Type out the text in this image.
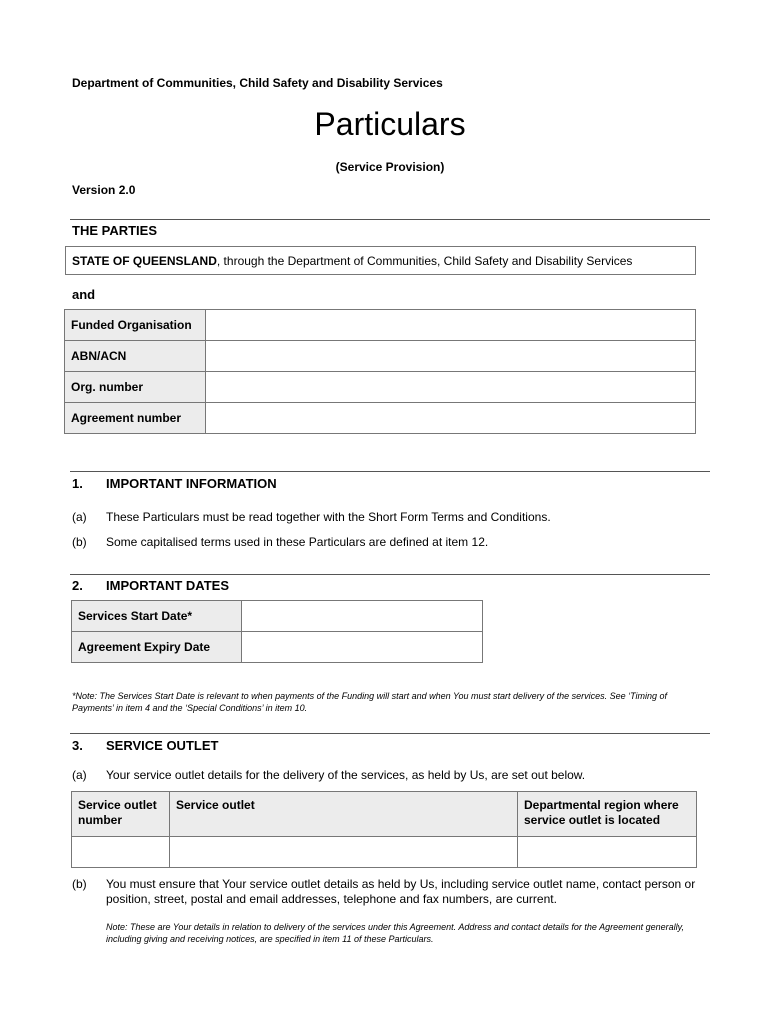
Department of Communities, Child Safety and Disability Services
Particulars
(Service Provision)
Version 2.0
THE PARTIES
STATE OF QUEENSLAND, through the Department of Communities, Child Safety and Disability Services
and
Funded Organisation	
ABN/ACN	
Org. number	
Agreement number	
1. IMPORTANT INFORMATION
(a) These Particulars must be read together with the Short Form Terms and Conditions.
(b) Some capitalised terms used in these Particulars are defined at item 12.
2. IMPORTANT DATES
Services Start Date*	
Agreement Expiry Date	
*Note: The Services Start Date is relevant to when payments of the Funding will start and when You must start delivery of the services. See ‘Timing of Payments’ in item 4 and the ‘Special Conditions’ in item 10.
3. SERVICE OUTLET
(a) Your service outlet details for the delivery of the services, as held by Us, are set out below.
Service outlet number	Service outlet	Departmental region where service outlet is located

(b) You must ensure that Your service outlet details as held by Us, including service outlet name, contact person or position, street, postal and email addresses, telephone and fax numbers, are current.
Note: These are Your details in relation to delivery of the services under this Agreement. Address and contact details for the Agreement generally, including giving and receiving notices, are specified in item 11 of these Particulars.
